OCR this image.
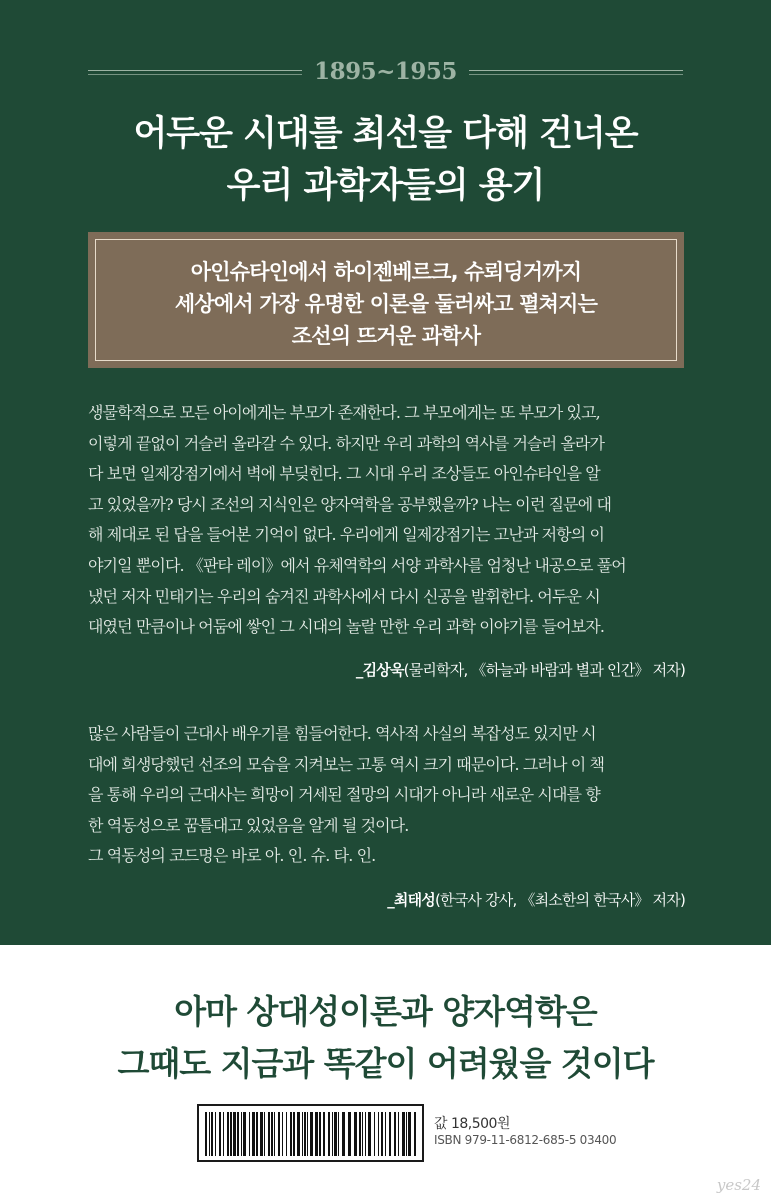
1895~1955
어두운 시대를 최선을 다해 건너온
우리 과학자들의 용기
아인슈타인에서 하이젠베르크, 슈뢰딩거까지
세상에서 가장 유명한 이론을 둘러싸고 펼쳐지는
조선의 뜨거운 과학사
생물학적으로 모든 아이에게는 부모가 존재한다. 그 부모에게는 또 부모가 있고,
이렇게 끝없이 거슬러 올라갈 수 있다. 하지만 우리 과학의 역사를 거슬러 올라가
다 보면 일제강점기에서 벽에 부딪힌다. 그 시대 우리 조상들도 아인슈타인을 알
고 있었을까? 당시 조선의 지식인은 양자역학을 공부했을까? 나는 이런 질문에 대
해 제대로 된 답을 들어본 기억이 없다. 우리에게 일제강점기는 고난과 저항의 이
야기일 뿐이다. 《판타 레이》에서 유체역학의 서양 과학사를 엄청난 내공으로 풀어
냈던 저자 민태기는 우리의 숨겨진 과학사에서 다시 신공을 발휘한다. 어두운 시
대였던 만큼이나 어둠에 쌓인 그 시대의 놀랄 만한 우리 과학 이야기를 들어보자.
_김상욱(물리학자, 《하늘과 바람과 별과 인간》 저자)
많은 사람들이 근대사 배우기를 힘들어한다. 역사적 사실의 복잡성도 있지만 시
대에 희생당했던 선조의 모습을 지켜보는 고통 역시 크기 때문이다. 그러나 이 책
을 통해 우리의 근대사는 희망이 거세된 절망의 시대가 아니라 새로운 시대를 향
한 역동성으로 꿈틀대고 있었음을 알게 될 것이다.
그 역동성의 코드명은 바로 아. 인. 슈. 타. 인.
_최태성(한국사 강사, 《최소한의 한국사》 저자)
아마 상대성이론과 양자역학은
그때도 지금과 똑같이 어려웠을 것이다
값 18,500원
ISBN 979-11-6812-685-5 03400
yes24
